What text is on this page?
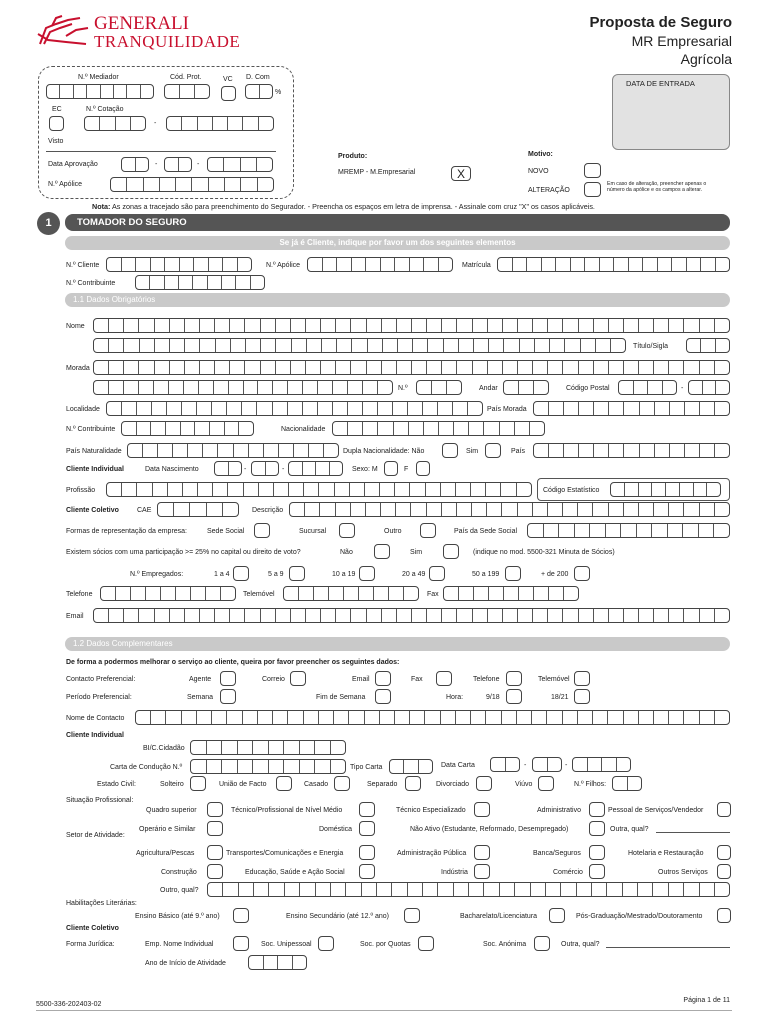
GENERALI
TRANQUILIDADE
Proposta de Seguro
MR Empresarial
Agrícola
N.º Mediador	Cód. Prot.	VC D. Com
%
EC	N.º Cotação
-
Visto
Data Aprovação	-	-
N.º Apólice
DATA DE ENTRADA
Produto:
MREMP - M.Empresarial	X
Motivo:
NOVO
ALTERAÇÃO
Em caso de alteração, preencher apenas o
número da apólice e os campos a alterar.
Nota: As zonas a tracejado são para preenchimento do Segurador. - Preencha os espaços em letra de imprensa. - Assinale com cruz "X" os casos aplicáveis.
1	TOMADOR DO SEGURO
Se já é Cliente, indique por favor um dos seguintes elementos
N.º Cliente	N.º Apólice	Matrícula
N.º Contribuinte
1.1 Dados Obrigatórios
Nome
Título/Sigla
Morada
N.º	Andar	Código Postal	-
Localidade	País Morada
N.º Contribuinte	Nacionalidade
País Naturalidade	Dupla Nacionalidade: Não	Sim	País
Cliente Individual	Data Nascimento	-	-	Sexo: M	F
Profissão	Código Estatístico
Cliente Coletivo	CAE	Descrição
Formas de representação da empresa:	Sede Social	Sucursal	Outro	País da Sede Social
Existem sócios com uma participação >= 25% no capital ou direito de voto?	Não	Sim	(indique no mod. 5500-321 Minuta de Sócios)
N.º Empregados:	1 a 4	5 a 9	10 a 19	20 a 49	50 a 199	+ de 200
Telefone	Telemóvel	Fax
Email
1.2 Dados Complementares
De forma a podermos melhorar o serviço ao cliente, queira por favor preencher os seguintes dados:
Contacto Preferencial:	Agente	Correio	Email	Fax	Telefone	Telemóvel
Período Preferencial:	Semana	Fim de Semana	Hora:	9/18	18/21
Nome de Contacto
Cliente Individual
BI/C.Cidadão
Carta de Condução N.º	Tipo Carta	Data Carta	-	-
Estado Civil:	Solteiro	União de Facto	Casado	Separado	Divorciado	Viúvo	N.º Filhos:
Situação Profissional:
Quadro superior	Técnico/Profissional de Nível Médio	Técnico Especializado	Administrativo	Pessoal de Serviços/Vendedor
Operário e Similar	Doméstica	Não Ativo (Estudante, Reformado, Desempregado)	Outra, qual?
Setor de Atividade:
Agricultura/Pescas	Transportes/Comunicações e Energia	Administração Pública	Banca/Seguros	Hotelaria e Restauração
Construção	Educação, Saúde e Ação Social	Indústria	Comércio	Outros Serviços
Outro, qual?
Habilitações Literárias:
Ensino Básico (até 9.º ano)	Ensino Secundário (até 12.º ano)	Bacharelato/Licenciatura	Pós-Graduação/Mestrado/Doutoramento
Cliente Coletivo
Forma Jurídica:	Emp. Nome Individual	Soc. Unipessoal	Soc. por Quotas	Soc. Anónima	Outra, qual?
Ano de Início de Atividade
5500-336-202403-02
Página 1 de 11
